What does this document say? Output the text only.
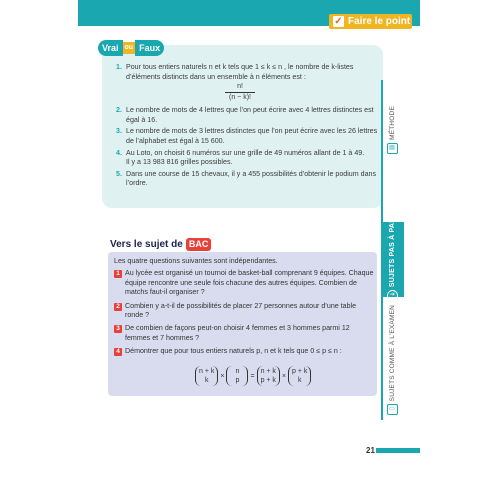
✓ Faire le point
Vrai ou Faux
1. Pour tous entiers naturels n et k tels que 1 ≤ k ≤ n , le nombre de k-listes d’éléments distincts dans un ensemble à n éléments est :
n!
(n − k)!
2. Le nombre de mots de 4 lettres que l’on peut écrire avec 4 lettres distinctes est égal à 16.
3. Le nombre de mots de 3 lettres distinctes que l’on peut écrire avec les 26 lettres de l’alphabet est égal à 15 600.
4. Au Loto, on choisit 6 numéros sur une grille de 49 numéros allant de 1 à 49.
Il y a 13 983 816 grilles possibles.
5. Dans une course de 15 chevaux, il y a 455 possibilités d’obtenir le podium dans l’ordre.
Vers le sujet de BAC
Les quatre questions suivantes sont indépendantes.
1 Au lycée est organisé un tournoi de basket-ball comprenant 9 équipes. Chaque équipe rencontre une seule fois chacune des autres équipes. Combien de matchs faut-il organiser ?
2 Combien y a-t-il de possibilités de placer 27 personnes autour d’une table ronde ?
3 De combien de façons peut-on choisir 4 femmes et 3 hommes parmi 12 femmes et 7 hommes ?
4 Démontrer que pour tous entiers naturels p, n et k tels que 0 ≤ p ≤ n :
n + k
k
×
n
p
=
n + k
p + k
×
p + k
k
MÉTHODE
▤
SUJETS PAS À PAS
➔
SUJETS COMME À L’EXAMEN
▭
21
